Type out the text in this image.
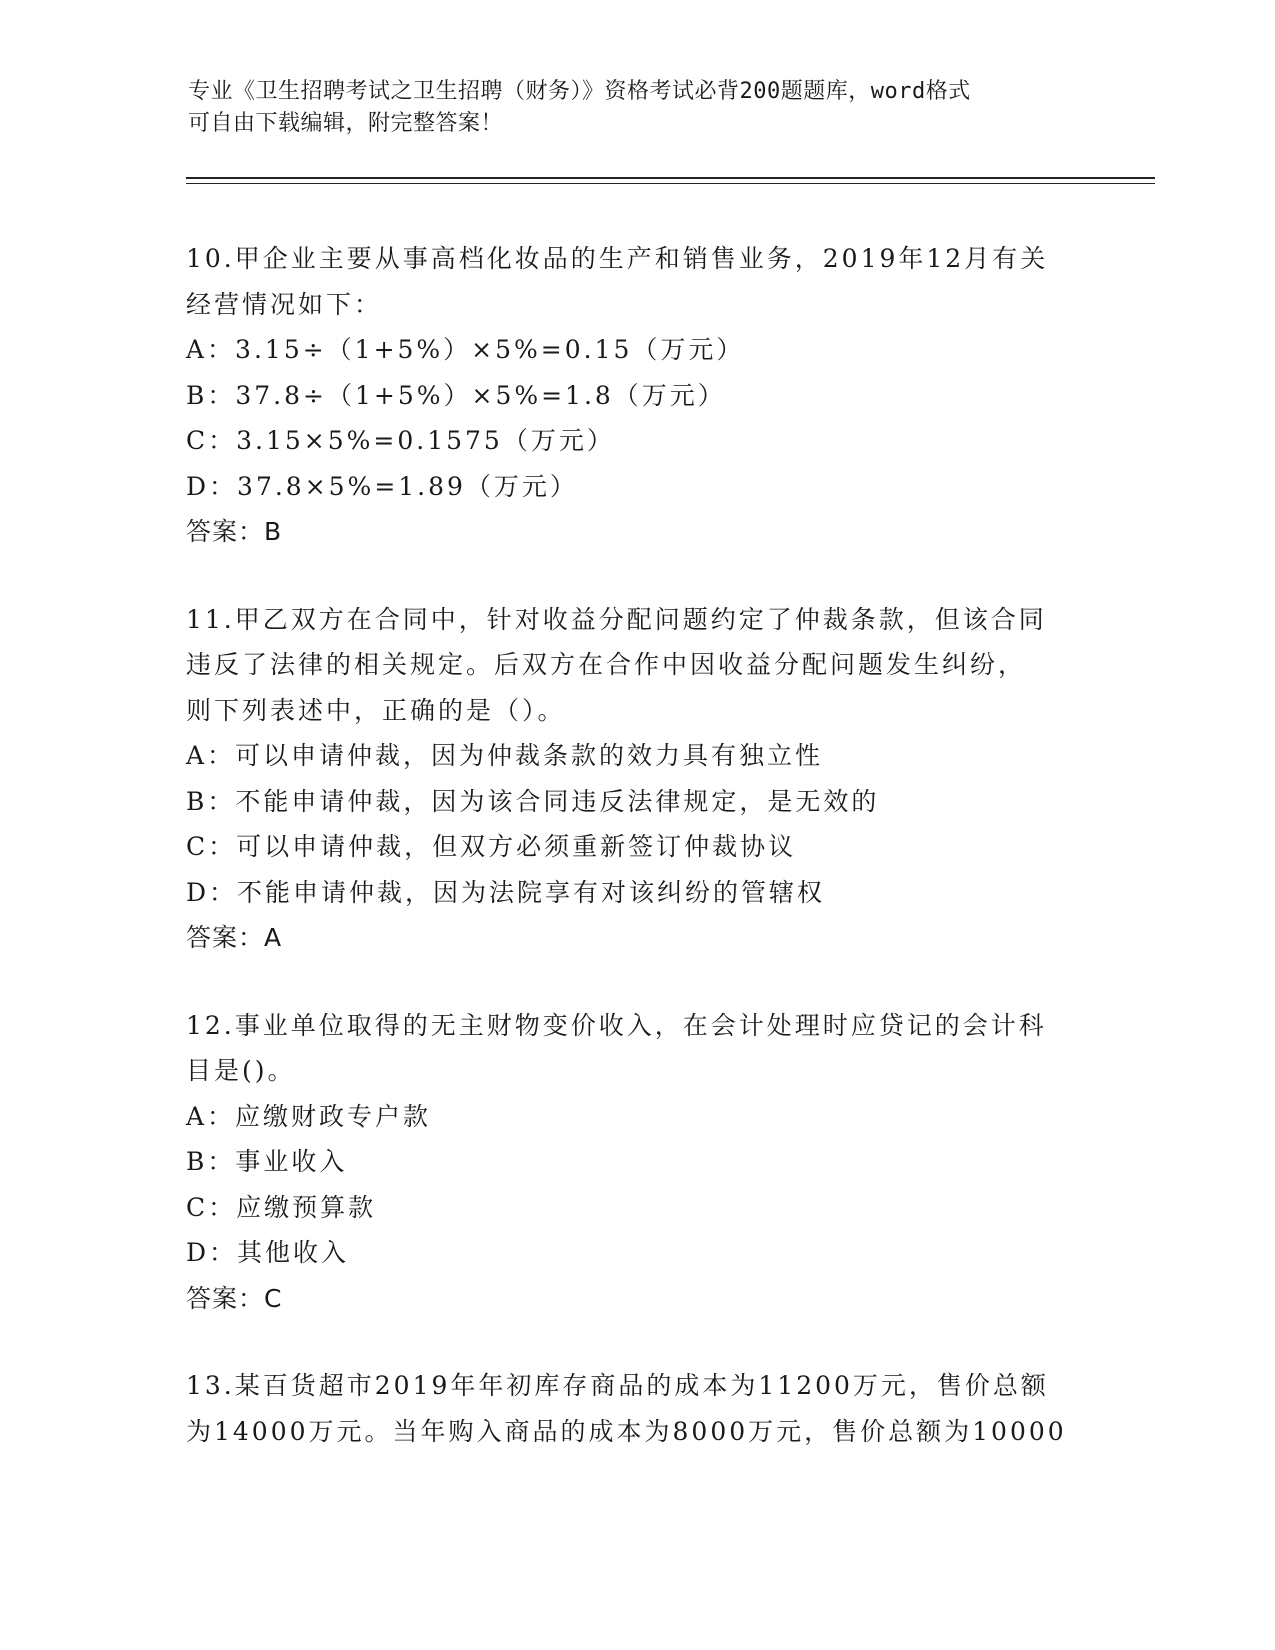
专业《卫生招聘考试之卫生招聘（财务）》资格考试必背200题题库，word格式
可自由下载编辑，附完整答案！
10.甲企业主要从事高档化妆品的生产和销售业务，2019年12月有关
经营情况如下：
A：3.15÷（1+5%）×5%=0.15（万元）
B：37.8÷（1+5%）×5%=1.8（万元）
C：3.15×5%=0.1575（万元）
D：37.8×5%=1.89（万元）
答案：B
11.甲乙双方在合同中，针对收益分配问题约定了仲裁条款，但该合同
违反了法律的相关规定。后双方在合作中因收益分配问题发生纠纷，
则下列表述中，正确的是（）。
A：可以申请仲裁，因为仲裁条款的效力具有独立性
B：不能申请仲裁，因为该合同违反法律规定，是无效的
C：可以申请仲裁，但双方必须重新签订仲裁协议
D：不能申请仲裁，因为法院享有对该纠纷的管辖权
答案：A
12.事业单位取得的无主财物变价收入，在会计处理时应贷记的会计科
目是()。
A：应缴财政专户款
B：事业收入
C：应缴预算款
D：其他收入
答案：C
13.某百货超市2019年年初库存商品的成本为11200万元，售价总额
为14000万元。当年购入商品的成本为8000万元，售价总额为10000
